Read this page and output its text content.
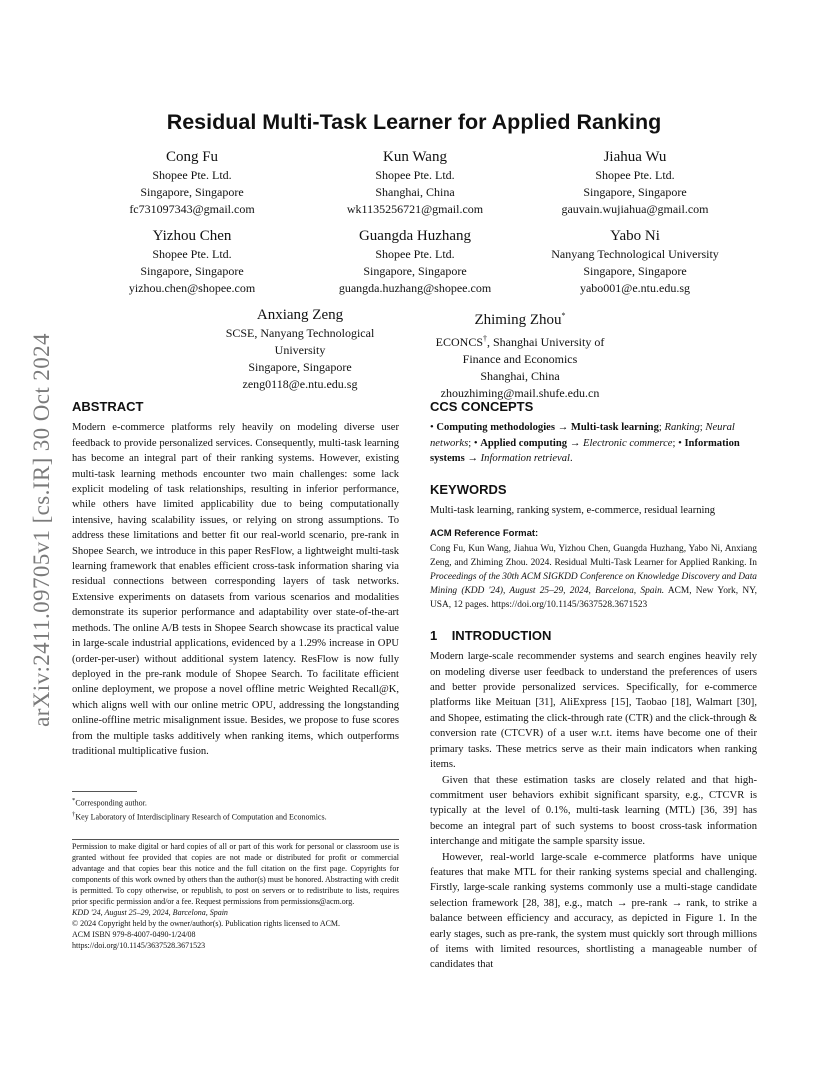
arXiv:2411.09705v1 [cs.IR] 30 Oct 2024
Residual Multi-Task Learner for Applied Ranking
Cong Fu
Shopee Pte. Ltd.
Singapore, Singapore
fc731097343@gmail.com
Kun Wang
Shopee Pte. Ltd.
Shanghai, China
wk1135256721@gmail.com
Jiahua Wu
Shopee Pte. Ltd.
Singapore, Singapore
gauvain.wujiahua@gmail.com
Yizhou Chen
Shopee Pte. Ltd.
Singapore, Singapore
yizhou.chen@shopee.com
Guangda Huzhang
Shopee Pte. Ltd.
Singapore, Singapore
guangda.huzhang@shopee.com
Yabo Ni
Nanyang Technological University
Singapore, Singapore
yabo001@e.ntu.edu.sg
Anxiang Zeng
SCSE, Nanyang Technological
University
Singapore, Singapore
zeng0118@e.ntu.edu.sg
Zhiming Zhou*
ECONCS†, Shanghai University of
Finance and Economics
Shanghai, China
zhouzhiming@mail.shufe.edu.cn
ABSTRACT

Modern e-commerce platforms rely heavily on modeling diverse user feedback to provide personalized services. Consequently, multi-task learning has become an integral part of their ranking systems. However, existing multi-task learning methods encounter two main challenges: some lack explicit modeling of task relationships, resulting in inferior performance, while others have limited applicability due to being computationally intensive, having scalability issues, or relying on strong assumptions. To address these limitations and better fit our real-world scenario, pre-rank in Shopee Search, we introduce in this paper ResFlow, a lightweight multi-task learning framework that enables efficient cross-task information sharing via residual connections between corresponding layers of task networks. Extensive experiments on datasets from various scenarios and modalities demonstrate its superior performance and adaptability over state-of-the-art methods. The online A/B tests in Shopee Search showcase its practical value in large-scale industrial applications, evidenced by a 1.29% increase in OPU (order-per-user) without additional system latency. ResFlow is now fully deployed in the pre-rank module of Shopee Search. To facilitate efficient online deployment, we propose a novel offline metric Weighted Recall@K, which aligns well with our online metric OPU, addressing the longstanding online-offline metric misalignment issue. Besides, we propose to fuse scores from the multiple tasks additively when ranking items, which outperforms traditional multiplicative fusion.

*Corresponding author.
†Key Laboratory of Interdisciplinary Research of Computation and Economics.

Permission to make digital or hard copies of all or part of this work for personal or classroom use is granted without fee provided that copies are not made or distributed for profit or commercial advantage and that copies bear this notice and the full citation on the first page. Copyrights for components of this work owned by others than the author(s) must be honored. Abstracting with credit is permitted. To copy otherwise, or republish, to post on servers or to redistribute to lists, requires prior specific permission and/or a fee. Request permissions from permissions@acm.org.

KDD '24, August 25–29, 2024, Barcelona, Spain
© 2024 Copyright held by the owner/author(s). Publication rights licensed to ACM.
ACM ISBN 979-8-4007-0490-1/24/08
https://doi.org/10.1145/3637528.3671523
CCS CONCEPTS

• Computing methodologies → Multi-task learning; Ranking; Neural networks; • Applied computing → Electronic commerce; • Information systems → Information retrieval.

KEYWORDS

Multi-task learning, ranking system, e-commerce, residual learning

ACM Reference Format:

Cong Fu, Kun Wang, Jiahua Wu, Yizhou Chen, Guangda Huzhang, Yabo Ni, Anxiang Zeng, and Zhiming Zhou. 2024. Residual Multi-Task Learner for Applied Ranking. In Proceedings of the 30th ACM SIGKDD Conference on Knowledge Discovery and Data Mining (KDD '24), August 25–29, 2024, Barcelona, Spain. ACM, New York, NY, USA, 12 pages. https://doi.org/10.1145/3637528.3671523

1 INTRODUCTION

Modern large-scale recommender systems and search engines heavily rely on modeling diverse user feedback to understand the preferences of users and better provide personalized services. Specifically, for e-commerce platforms like Meituan [31], AliExpress [15], Taobao [18], Walmart [30], and Shopee, estimating the click-through rate (CTR) and the click-through & conversion rate (CTCVR) of a user w.r.t. items have become one of their primary tasks. These metrics serve as their main indicators when ranking items.

Given that these estimation tasks are closely related and that high-commitment user behaviors exhibit significant sparsity, e.g., CTCVR is typically at the level of 0.1%, multi-task learning (MTL) [36, 39] has become an integral part of such systems to boost cross-task information interchange and mitigate the sample sparsity issue.

However, real-world large-scale e-commerce platforms have unique features that make MTL for their ranking systems special and challenging. Firstly, large-scale ranking systems commonly use a multi-stage candidate selection framework [28, 38], e.g., match → pre-rank → rank, to strike a balance between efficiency and accuracy, as depicted in Figure 1. In the early stages, such as pre-rank, the system must quickly sort through millions of items with limited resources, shortlisting a manageable number of candidates that
